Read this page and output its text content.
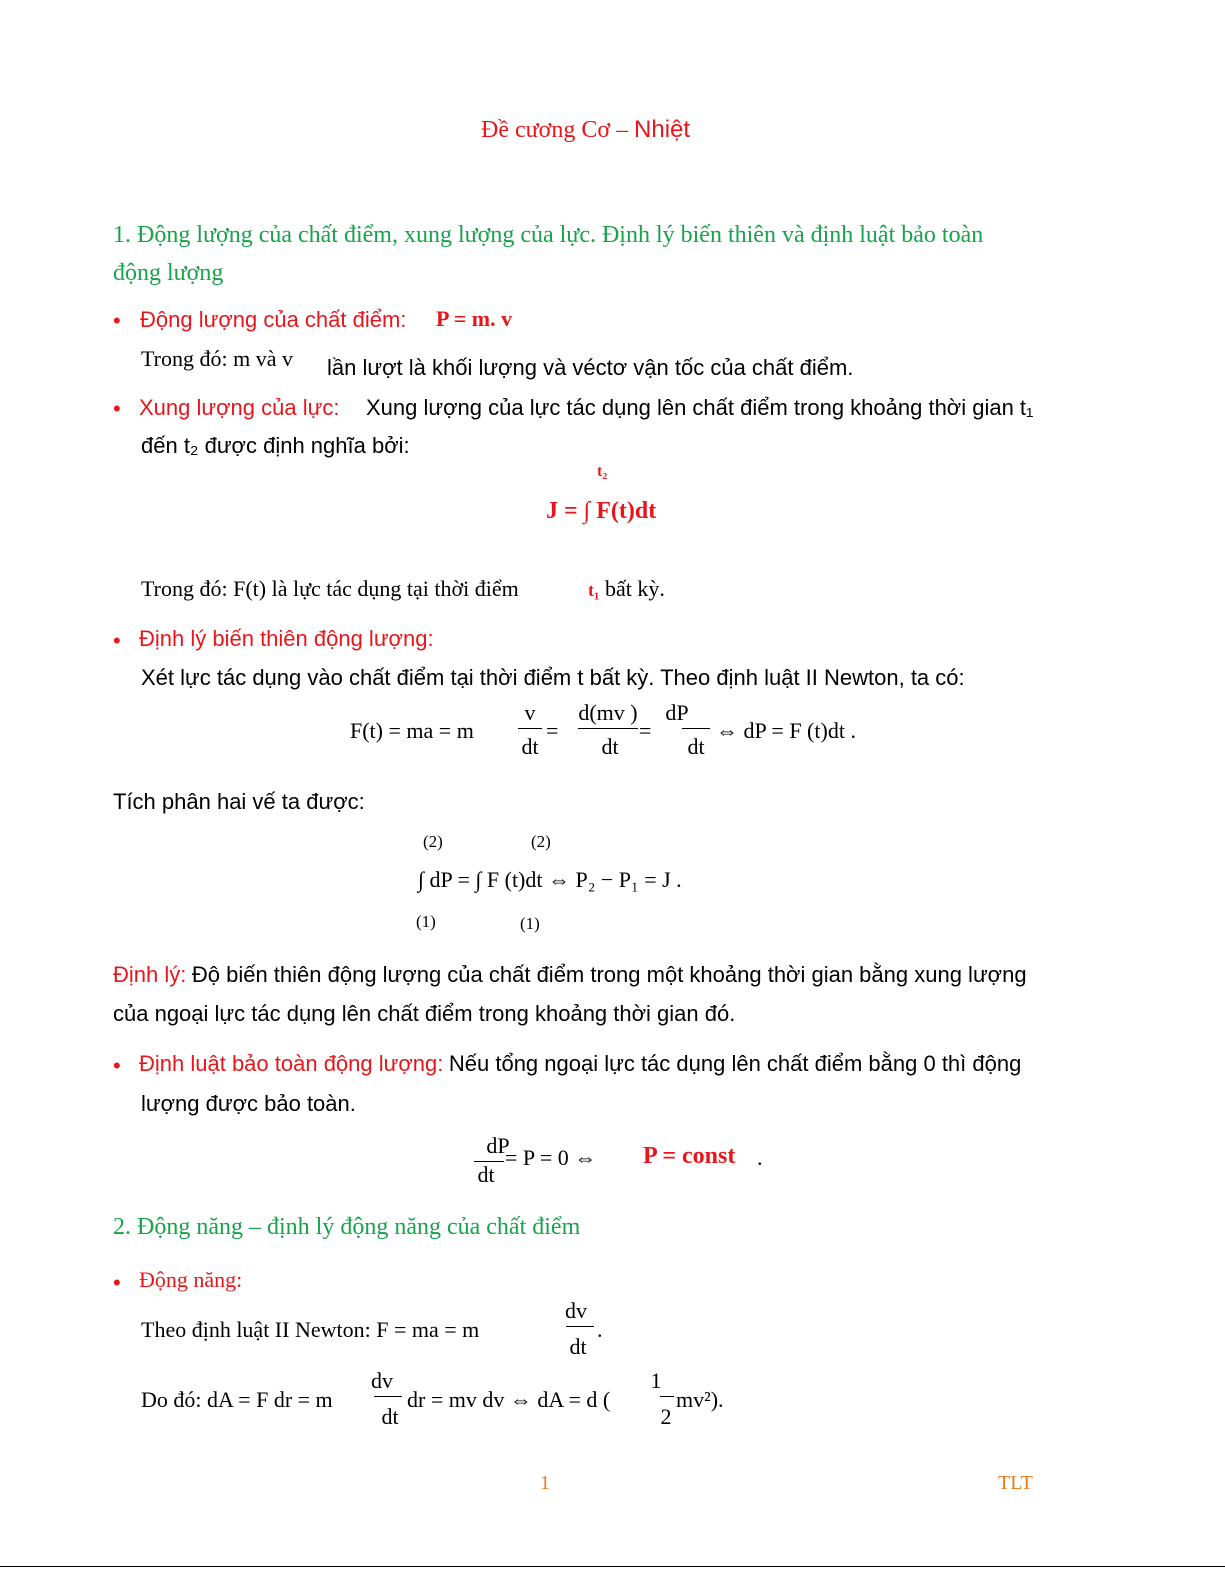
Đề cương Cơ – Nhiệt
1. Động lượng của chất điểm, xung lượng của lực. Định lý biến thiên và định luật bảo toàn
động lượng
• Động lượng của chất điểm: P = m. v
Trong đó: m và v lần lượt là khối lượng và véctơ vận tốc của chất điểm.
• Xung lượng của lực: Xung lượng của lực tác dụng lên chất điểm trong khoảng thời gian t₁
đến t₂ được định nghĩa bởi:
t₂
J = ∫ F(t)dt
Trong đó: F(t) là lực tác dụng tại thời điểm	t₁ bất kỳ.
• Định lý biến thiên động lượng:
Xét lực tác dụng vào chất điểm tại thời điểm t bất kỳ. Theo định luật II Newton, ta có:
F(t) = ma = m
v
dt
=
d(mv )
dt
=
dP
dt
⇔ dP = F (t)dt .
Tích phân hai vế ta được:
(2)	(2)
∫ dP = ∫ F (t)dt ⇔ P₂ − P₁ = J .
(1)	(1)
Định lý: Độ biến thiên động lượng của chất điểm trong một khoảng thời gian bằng xung lượng
của ngoại lực tác dụng lên chất điểm trong khoảng thời gian đó.
• Định luật bảo toàn động lượng: Nếu tổng ngoại lực tác dụng lên chất điểm bằng 0 thì động
lượng được bảo toàn.
dP
dt
= P = 0 ⇔ P = const .
2. Động năng – định lý động năng của chất điểm
• Động năng:
Theo định luật II Newton: F = ma = m
dv
dt
.
Do đó: dA = F dr = m
dv
dt
dr = mv dv ⇔ dA = d (
1
2
mv²).
1	TLT
